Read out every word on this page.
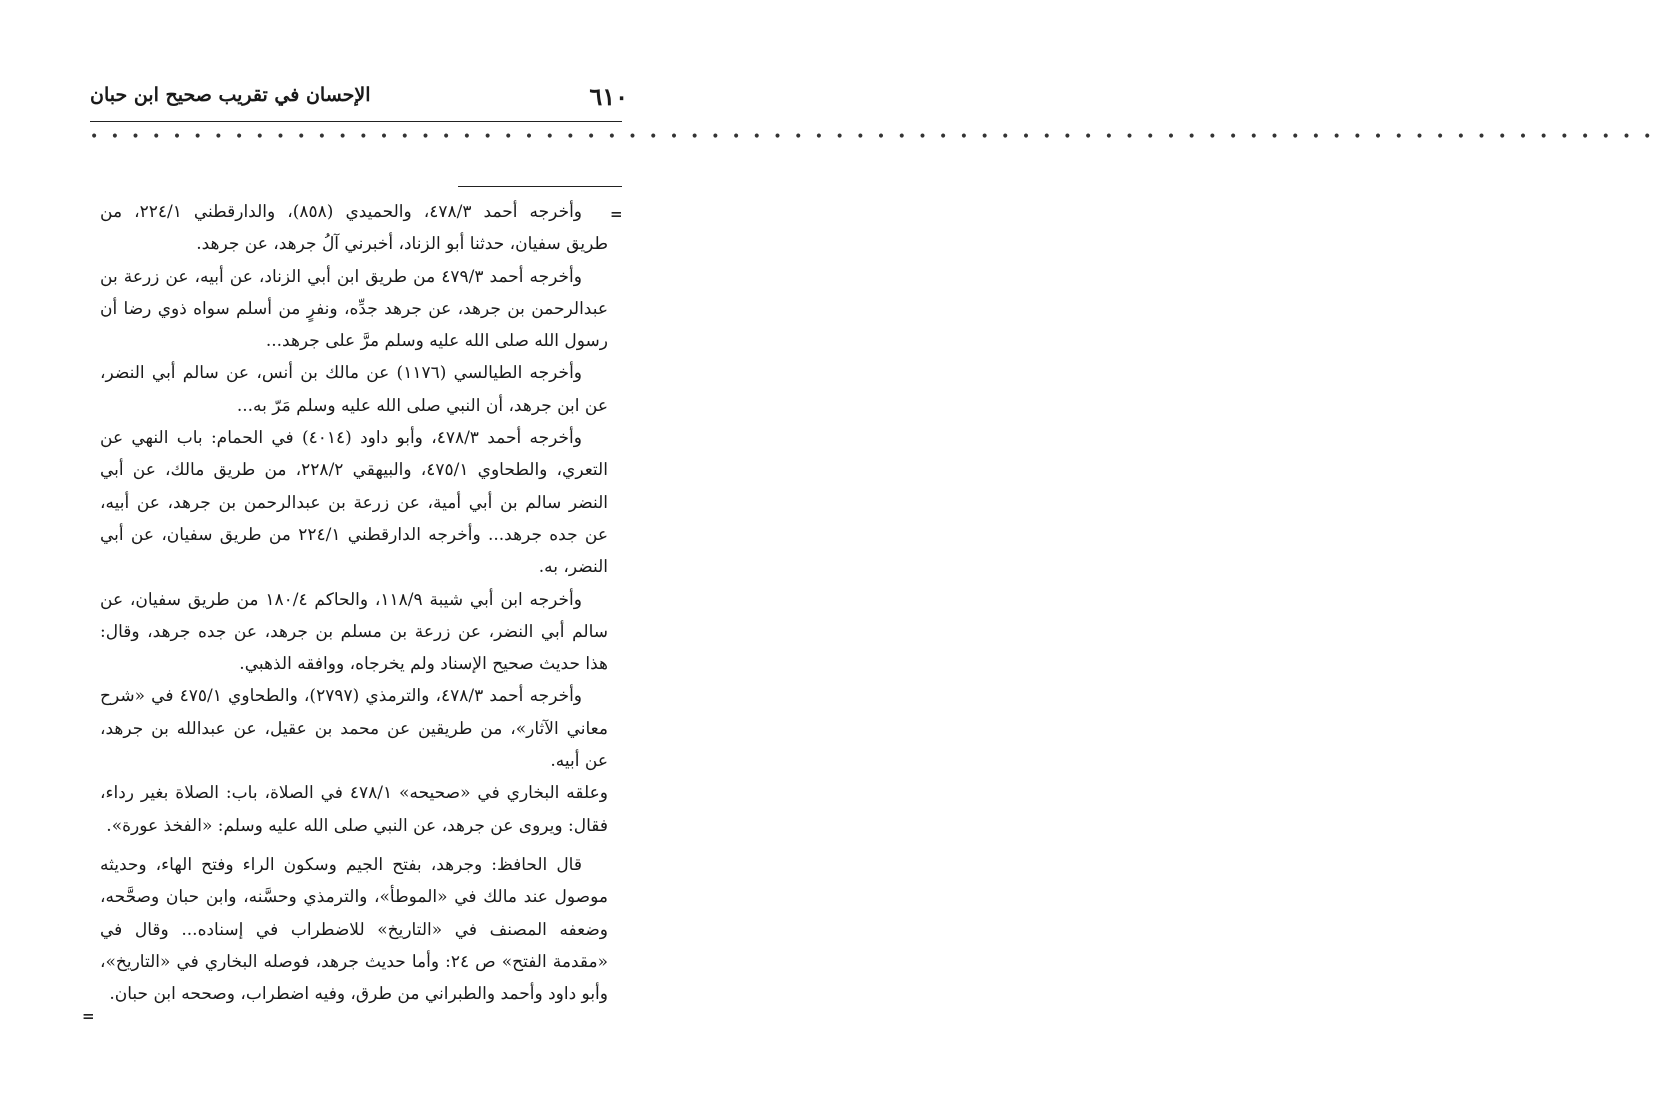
٦١٠
الإحسان في تقريب صحيح ابن حبان
• • • • • • • • • • • • • • • • • • • • • • • • • • • • • • • • • • • • • • • • • • • • • • • • • • • • • • • • • • • • • • • • • • • • • • • • • • • •
=
=

وأخرجه أحمد ٤٧٨/٣، والحميدي (٨٥٨)، والدارقطني ٢٢٤/١، من طريق سفيان، حدثنا أبو الزناد، أخبرني آلُ جرهد، عن جرهد.

وأخرجه أحمد ٤٧٩/٣ من طريق ابن أبي الزناد، عن أبيه، عن زرعة بن عبدالرحمن بن جرهد، عن جرهد جدِّه، ونفرٍ من أسلم سواه ذوي رضا أن رسول الله صلى الله عليه وسلم مرَّ على جرهد...

وأخرجه الطيالسي (١١٧٦) عن مالك بن أنس، عن سالم أبي النضر، عن ابن جرهد، أن النبي صلى الله عليه وسلم مَرّ به...

وأخرجه أحمد ٤٧٨/٣، وأبو داود (٤٠١٤) في الحمام: باب النهي عن التعري، والطحاوي ٤٧٥/١، والبيهقي ٢٢٨/٢، من طريق مالك، عن أبي النضر سالم بن أبي أمية، عن زرعة بن عبدالرحمن بن جرهد، عن أبيه، عن جده جرهد... وأخرجه الدارقطني ٢٢٤/١ من طريق سفيان، عن أبي النضر، به.

وأخرجه ابن أبي شيبة ١١٨/٩، والحاكم ١٨٠/٤ من طريق سفيان، عن سالم أبي النضر، عن زرعة بن مسلم بن جرهد، عن جده جرهد، وقال: هذا حديث صحيح الإسناد ولم يخرجاه، ووافقه الذهبي.

وأخرجه أحمد ٤٧٨/٣، والترمذي (٢٧٩٧)، والطحاوي ٤٧٥/١ في «شرح معاني الآثار»، من طريقين عن محمد بن عقيل، عن عبدالله بن جرهد، عن أبيه.

وعلقه البخاري في «صحيحه» ٤٧٨/١ في الصلاة، باب: الصلاة بغير رداء، فقال: ويروى عن جرهد، عن النبي صلى الله عليه وسلم: «الفخذ عورة».

قال الحافظ: وجرهد، بفتح الجيم وسكون الراء وفتح الهاء، وحديثه موصول عند مالك في «الموطأ»، والترمذي وحسَّنه، وابن حبان وصحَّحه، وضعفه المصنف في «التاريخ» للاضطراب في إسناده... وقال في «مقدمة الفتح» ص ٢٤: وأما حديث جرهد، فوصله البخاري في «التاريخ»، وأبو داود وأحمد والطبراني من طرق، وفيه اضطراب، وصححه ابن حبان.
